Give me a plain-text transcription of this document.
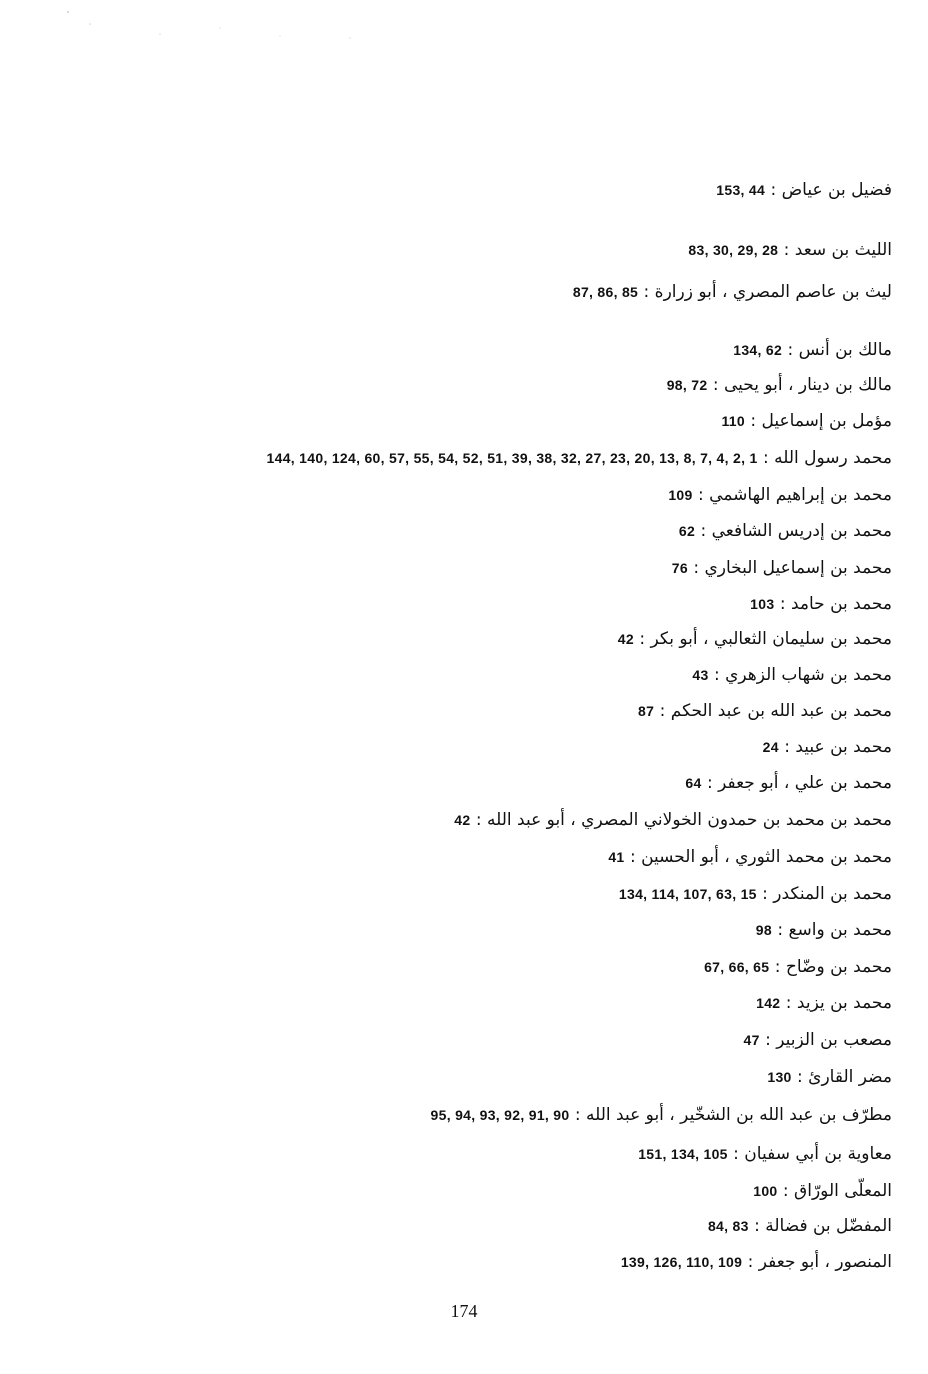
فضيل بن عياض : 153, 44
الليث بن سعد : 83, 30, 29, 28
ليث بن عاصم المصري ، أبو زرارة : 87, 86, 85
مالك بن أنس : 134, 62
مالك بن دينار ، أبو يحيى : 98, 72
مؤمل بن إسماعيل : 110
محمد رسول الله : 144, 140, 124, 60, 57, 55, 54, 52, 51, 39, 38, 32, 27, 23, 20, 13, 8, 7, 4, 2, 1
محمد بن إبراهيم الهاشمي : 109
محمد بن إدريس الشافعي : 62
محمد بن إسماعيل البخاري : 76
محمد بن حامد : 103
محمد بن سليمان الثعالبي ، أبو بكر : 42
محمد بن شهاب الزهري : 43
محمد بن عبد الله بن عبد الحكم : 87
محمد بن عبيد : 24
محمد بن علي ، أبو جعفر : 64
محمد بن محمد بن حمدون الخولاني المصري ، أبو عبد الله : 42
محمد بن محمد الثوري ، أبو الحسين : 41
محمد بن المنكدر : 134, 114, 107, 63, 15
محمد بن واسع : 98
محمد بن وضّاح : 67, 66, 65
محمد بن يزيد : 142
مصعب بن الزبير : 47
مضر القارئ : 130
مطرّف بن عبد الله بن الشخّير ، أبو عبد الله : 95, 94, 93, 92, 91, 90
معاوية بن أبي سفيان : 151, 134, 105
المعلّى الورّاق : 100
المفضّل بن فضالة : 84, 83
المنصور ، أبو جعفر : 139, 126, 110, 109
174
